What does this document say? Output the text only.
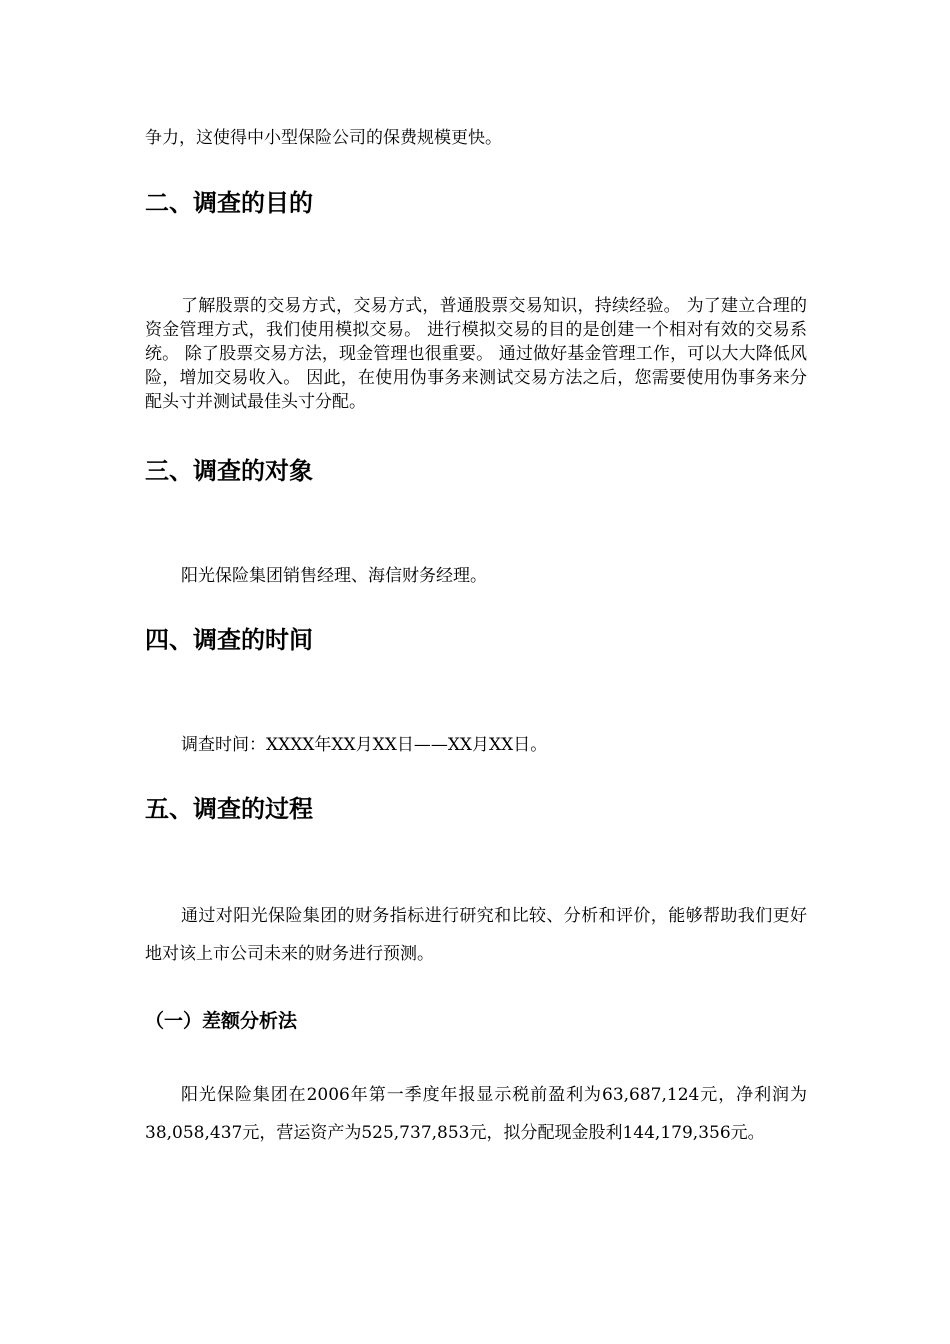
争力，这使得中小型保险公司的保费规模更快。

二、调查的目的

了解股票的交易方式，交易方式，普通股票交易知识，持续经验。 为了建立合理的资金管理方式，我们使用模拟交易。 进行模拟交易的目的是创建一个相对有效的交易系统。 除了股票交易方法，现金管理也很重要。 通过做好基金管理工作，可以大大降低风险，增加交易收入。 因此，在使用伪事务来测试交易方法之后，您需要使用伪事务来分配头寸并测试最佳头寸分配。

三、调查的对象

阳光保险集团销售经理、海信财务经理。

四、调查的时间

调查时间：XXXX年XX月XX日——XX月XX日。

五、调查的过程

通过对阳光保险集团的财务指标进行研究和比较、分析和评价，能够帮助我们更好地对该上市公司未来的财务进行预测。

（一）差额分析法

阳光保险集团在2006年第一季度年报显示税前盈利为63,687,124元，净利润为38,058,437元，营运资产为525,737,853元，拟分配现金股利144,179,356元。
